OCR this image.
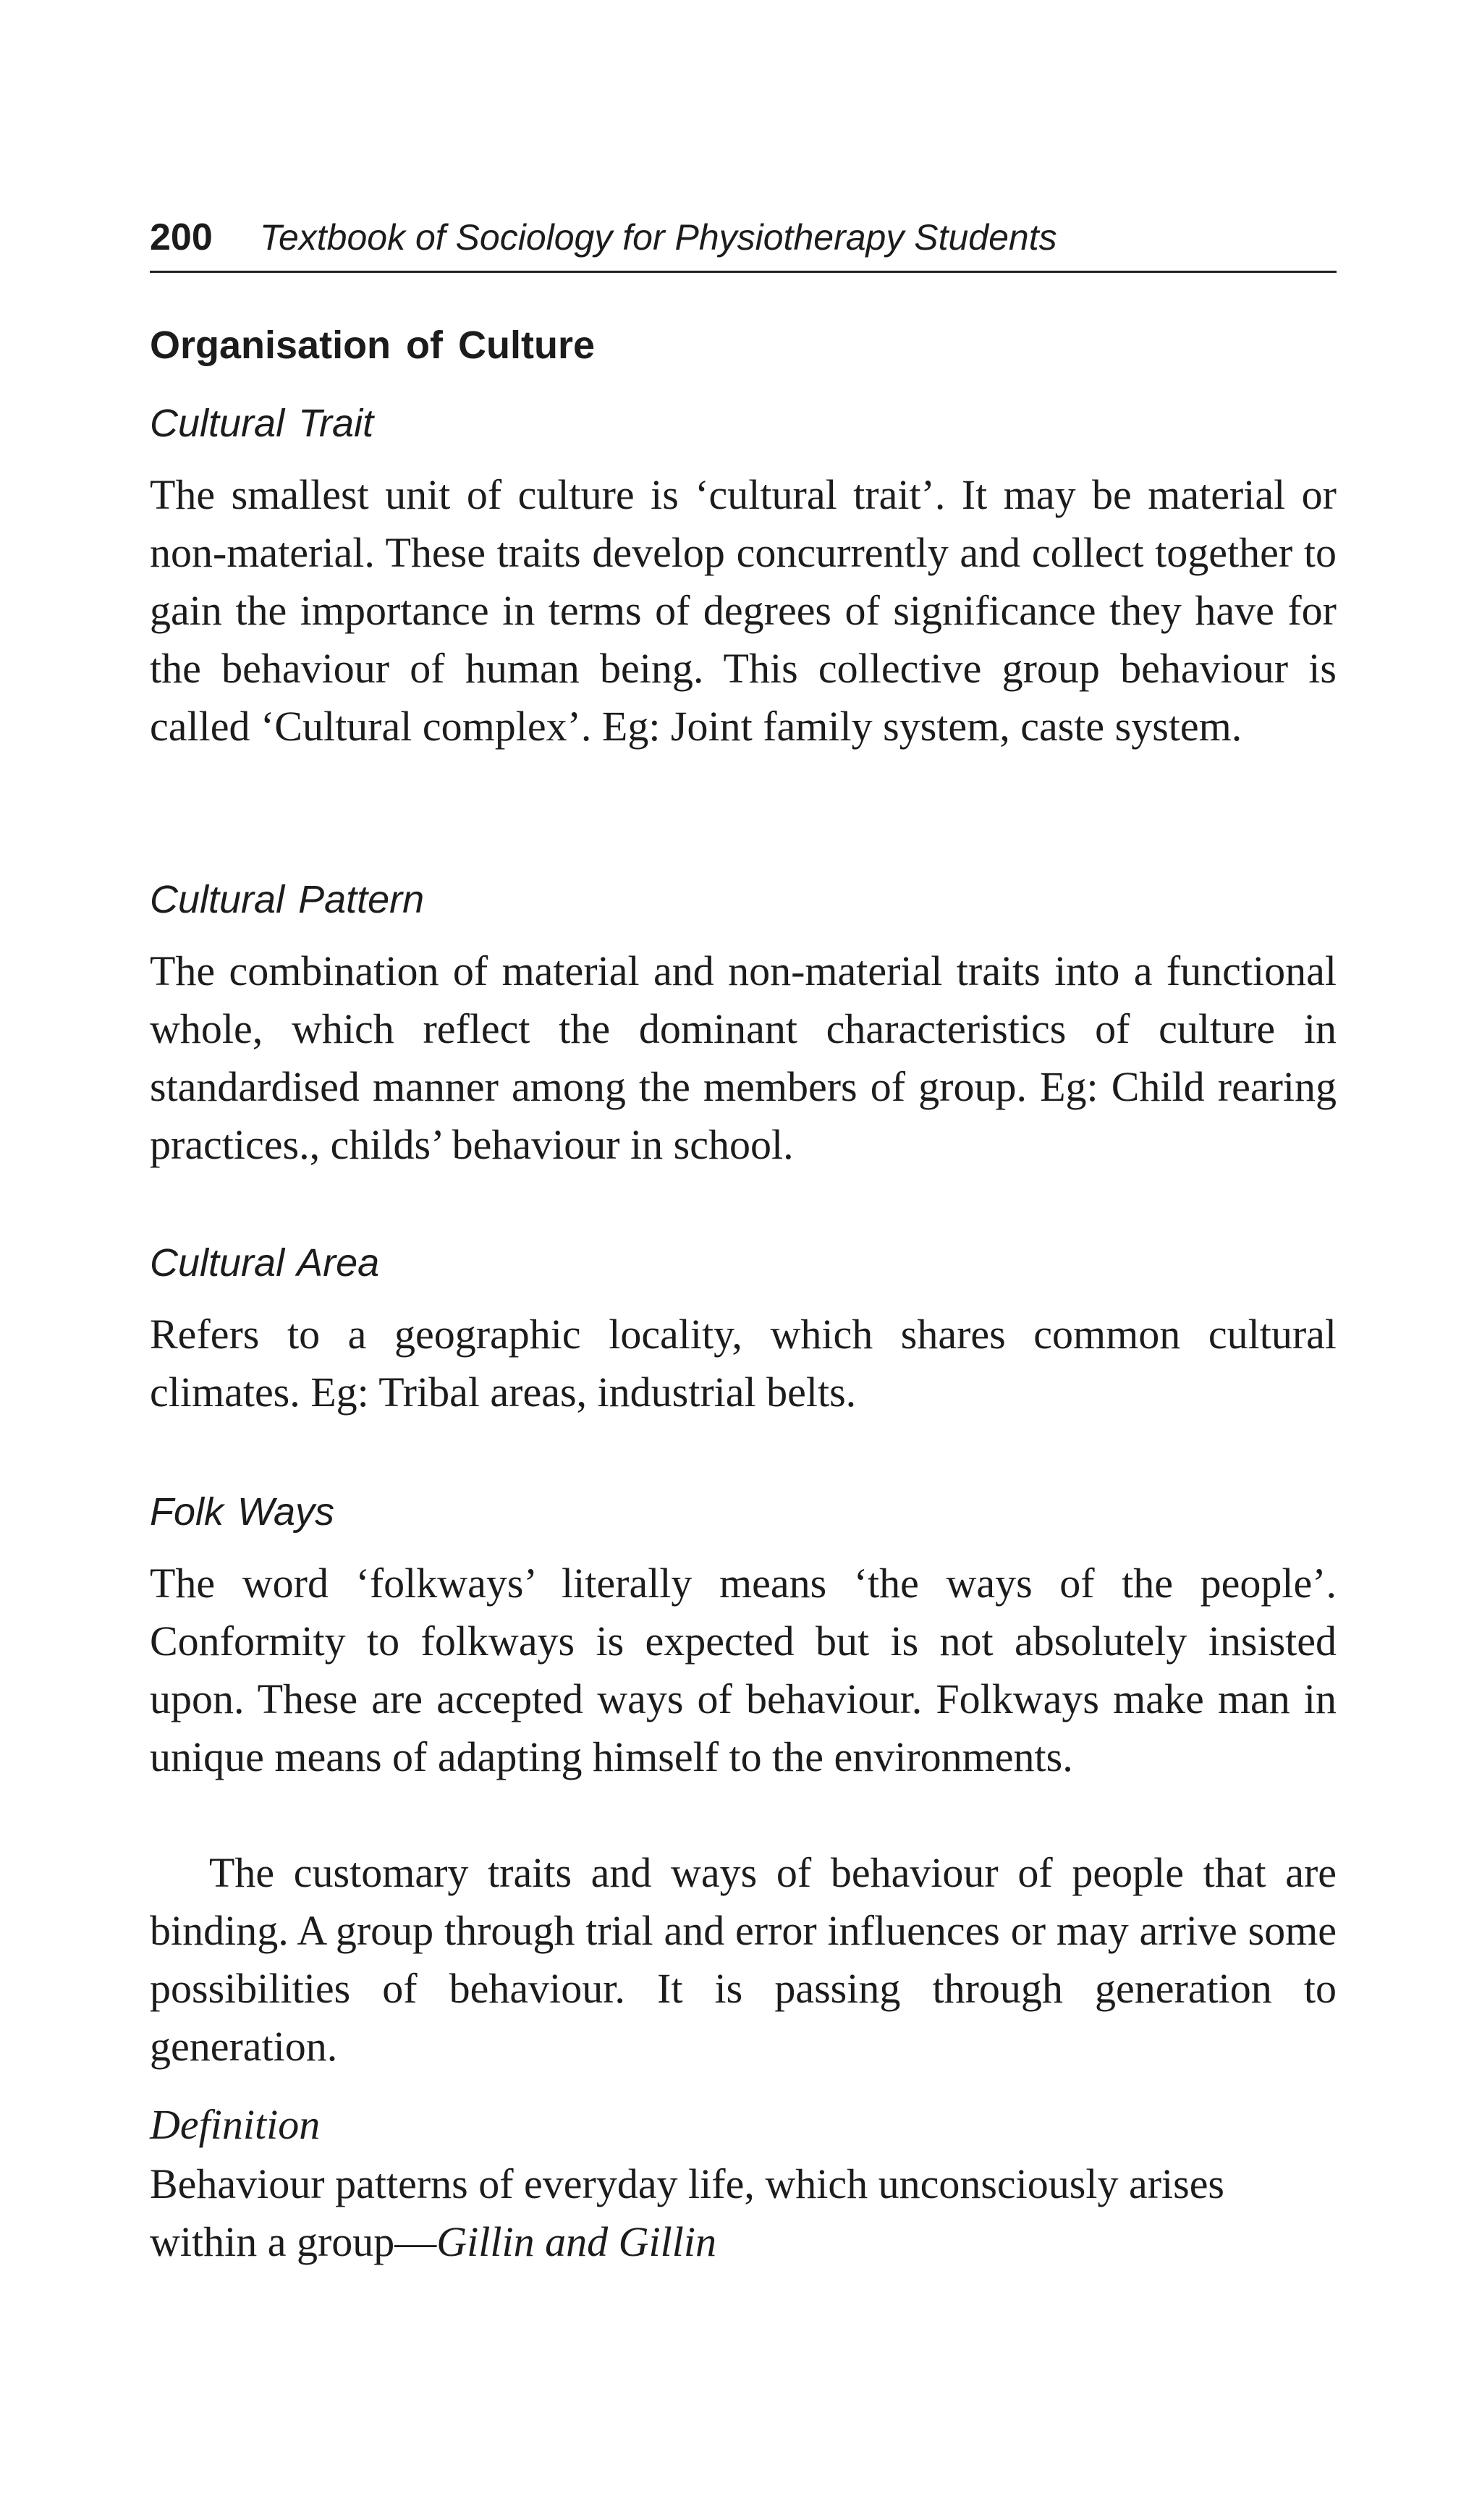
200 Textbook of Sociology for Physiotherapy Students
Organisation of Culture
Cultural Trait

The smallest unit of culture is ‘cultural trait’. It may be material or non-material. These traits develop concurrently and collect together to gain the importance in terms of degrees of significance they have for the behaviour of human being. This collective group behaviour is called ‘Cultural complex’. Eg: Joint family system, caste system.

Cultural Pattern

The combination of material and non-material traits into a functional whole, which reflect the dominant characteristics of culture in standardised manner among the members of group. Eg: Child rearing practices., childs’ behaviour in school.

Cultural Area

Refers to a geographic locality, which shares common cultural climates. Eg: Tribal areas, industrial belts.

Folk Ways

The word ‘folkways’ literally means ‘the ways of the people’. Conformity to folkways is expected but is not absolutely insisted upon. These are accepted ways of behaviour. Folkways make man in unique means of adapting himself to the environments.

The customary traits and ways of behaviour of people that are binding. A group through trial and error influences or may arrive some possibilities of behaviour. It is passing through generation to generation.

Definition

Behaviour patterns of everyday life, which unconsciously arises within a group—Gillin and Gillin
